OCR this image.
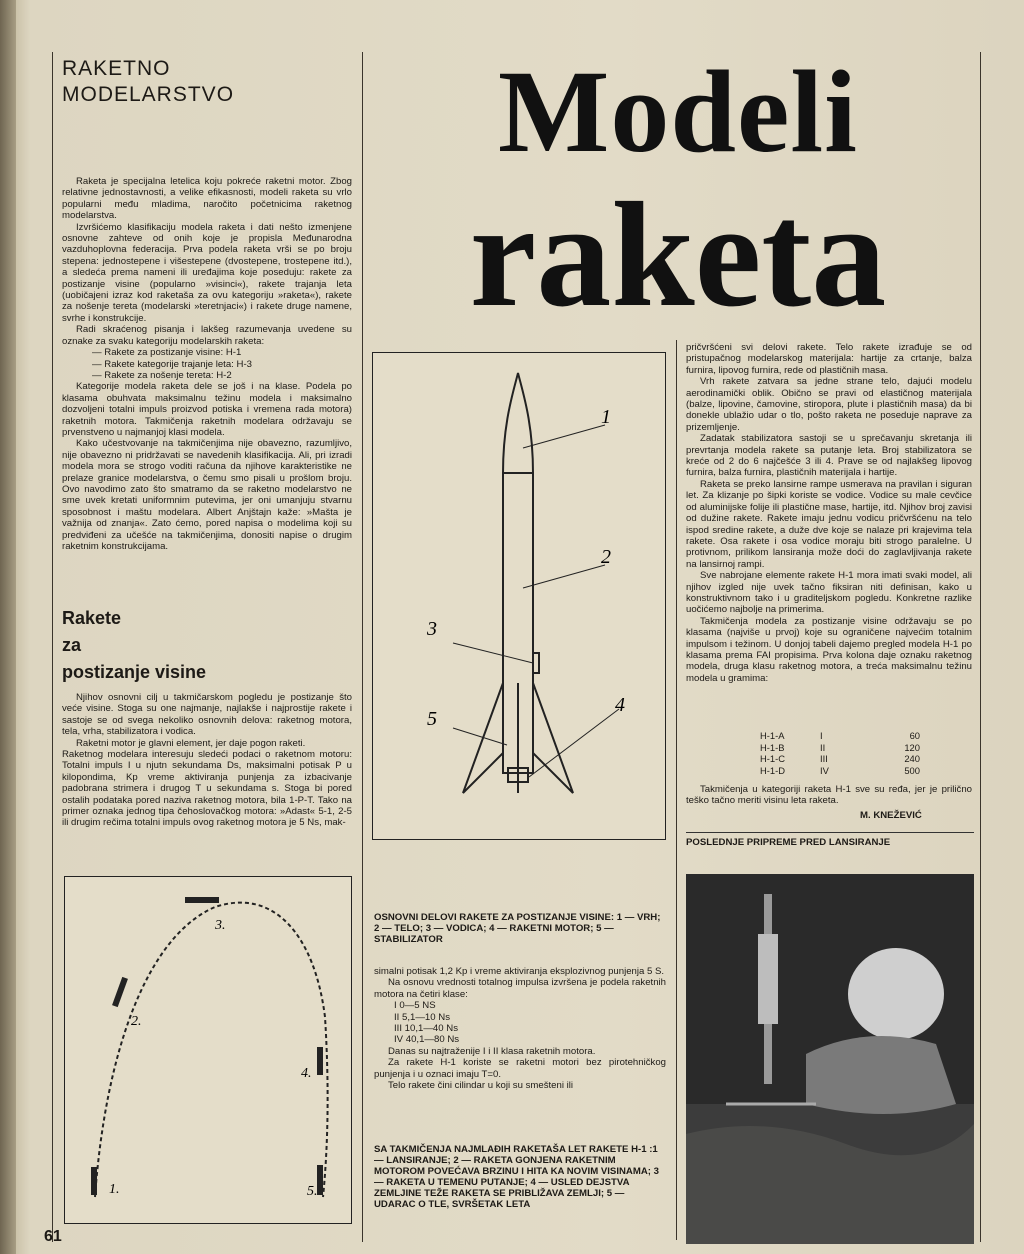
RAKETNO
MODELARSTVO	Modeli
raketa

Raketa je specijalna letelica koju pokreće raketni motor. Zbog relativne jednostavnosti, a velike efikasnosti, modeli raketa su vrlo popularni među mladima, naročito početnicima raketnog modelarstva.

Izvršićemo klasifikaciju modela raketa i dati nešto izmenjene osnovne zahteve od onih koje je propisla Međunarodna vazduhoplovna federacija. Prva podela raketa vrši se po broju stepena: jednostepene i višestepene (dvostepene, trostepene itd.), a sledeća prema nameni ili uređajima koje poseduju: rakete za postizanje visine (popularno »visinci«), rakete trajanja leta (uobičajeni izraz kod raketaša za ovu kategoriju »raketa«), rakete za nošenje tereta (modelarski »teretnjaci«) i rakete druge namene, svrhe i konstrukcije.

Radi skraćenog pisanja i lakšeg razumevanja uvedene su oznake za svaku kategoriju modelarskih raketa:

— Rakete za postizanje visine: H-1

— Rakete kategorije trajanje leta: H-3

— Rakete za nošenje tereta: H-2

Kategorije modela raketa dele se još i na klase. Podela po klasama obuhvata maksimalnu težinu modela i maksimalno dozvoljeni totalni impuls proizvod potiska i vremena rada motora) raketnih motora. Takmičenja raketnih modelara održavaju se prvenstveno u najmanjoj klasi modela.

Kako učestvovanje na takmičenjima nije obavezno, razumljivo, nije obavezno ni pridržavati se navedenih klasifikacija. Ali, pri izradi modela mora se strogo voditi računa da njihove karakteristike ne prelaze granice modelarstva, o čemu smo pisali u prošlom broju. Ovo navodimo zato što smatramo da se raketno modelarstvo ne sme uvek kretati uniformnim putevima, jer oni umanjuju stvarnu sposobnost i maštu modelara. Albert Anjštajn kaže: »Mašta je važnija od znanja«. Zato ćemo, pored napisa o modelima koji su predviđeni za učešće na takmičenjima, donositi napise o drugim raketnim konstrukcijama.

Rakete
za
postizanje visine

Njihov osnovni cilj u takmičarskom pogledu je postizanje što veće visine. Stoga su one najmanje, najlakše i najprostije rakete i sastoje se od svega nekoliko osnovnih delova: raketnog motora, tela, vrha, stabilizatora i vodica.

Raketni motor je glavni element, jer daje pogon raketi.

Raketnog modelara interesuju sledeći podaci o raketnom motoru: Totalni impuls I u njutn sekundama Ds, maksimalni potisak P u kilopondima, Kp vreme aktiviranja punjenja za izbacivanje padobrana strimera i drugog T u sekundama s. Stoga bi pored ostalih podataka pored naziva raketnog motora, bila 1-P-T. Tako na primer oznaka jednog tipa čehoslovačkog motora: »Adast« 5-1, 2-5 ili drugim rečima totalni impuls ovog raketnog motora je 5 Ns, mak-

1.
2.
3.
4.
5.
1
2
3
4
5
OSNOVNI DELOVI RAKETE ZA POSTIZANJE VISINE: 1 — VRH; 2 — TELO; 3 — VODICA; 4 — RAKETNI MOTOR; 5 — STABILIZATOR

simalni potisak 1,2 Kp i vreme aktiviranja eksplozivnog punjenja 5 S.

Na osnovu vrednosti totalnog impulsa izvršena je podela raketnih motora na četiri klase:

I 0—5 NS
II 5,1—10 Ns
III 10,1—40 Ns
IV 40,1—80 Ns

Danas su najtraženije I i II klasa raketnih motora.

Za rakete H-1 koriste se raketni motori bez pirotehničkog punjenja i u oznaci imaju T=0.

Telo rakete čini cilindar u koji su smešteni ili

SA TAKMIČENJA NAJMLAĐIH RAKETAŠA LET RAKETE H-1 :1— LANSIRANJE; 2 — RAKETA GONJENA RAKETNIM MOTOROM POVEĆAVA BRZINU I HITA KA NOVIM VISINAMA; 3 — RAKETA U TEMENU PUTANJE; 4 — USLED DEJSTVA ZEMLJINE TEŽE RAKETA SE PRIBLIŽAVA ZEMLJI; 5 — UDARAC O TLE, SVRŠETAK LETA

pričvršćeni svi delovi rakete. Telo rakete izrađuje se od pristupačnog modelarskog materijala: hartije za crtanje, balza furnira, lipovog furnira, rede od plastičnih masa.

Vrh rakete zatvara sa jedne strane telo, dajući modelu aerodinamički oblik. Obično se pravi od elastičnog materijala (balze, lipovine, čamovine, stiropora, plute i plastičnih masa) da bi donekle ublažio udar o tlo, pošto raketa ne poseduje naprave za prizemljenje.

Zadatak stabilizatora sastoji se u sprečavanju skretanja ili prevrtanja modela rakete sa putanje leta. Broj stabilizatora se kreće od 2 do 6 najčešće 3 ili 4. Prave se od najlakšeg lipovog furnira, balza furnira, plastičnih materijala i hartije.

Raketa se preko lansirne rampe usmerava na pravilan i siguran let. Za klizanje po šipki koriste se vodice. Vodice su male cevčice od aluminijske folije ili plastične mase, hartije, itd. Njihov broj zavisi od dužine rakete. Rakete imaju jednu vodicu pričvršćenu na telo ispod sredine rakete, a duže dve koje se nalaze pri krajevima tela rakete. Osa rakete i osa vodice moraju biti strogo paralelne. U protivnom, prilikom lansiranja može doći do zaglavljivanja rakete na lansirnoj rampi.

Sve nabrojane elemente rakete H-1 mora imati svaki model, ali njihov izgled nije uvek tačno fiksiran niti definisan, kako u konstruktivnom tako i u graditeljskom pogledu. Konkretne razlike uočićemo najbolje na primerima.

Takmičenja modela za postizanje visine održavaju se po klasama (najviše u prvoj) koje su ograničene najvećim totalnim impulsom i težinom. U donjoj tabeli dajemo pregled modela H-1 po klasama prema FAI propisima. Prva kolona daje oznaku raketnog modela, druga klasu raketnog motora, a treća maksimalnu težinu modela u gramima:

H-1-A	I	60
H-1-B	II	120
H-1-C	III	240
H-1-D	IV	500

Takmičenja u kategoriji raketa H-1 sve su ređa, jer je prilično teško tačno meriti visinu leta raketa.

M. KNEŽEVIĆ
POSLEDNJE PRIPREME PRED LANSIRANJE
61
